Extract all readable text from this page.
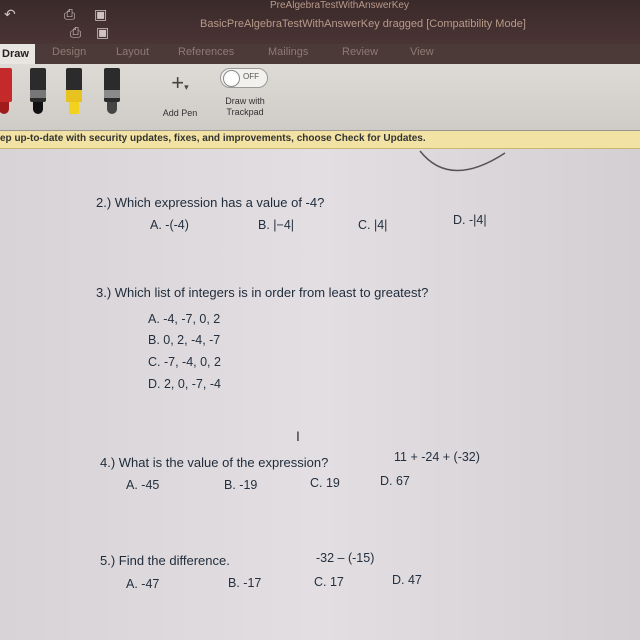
↶	⎙ ▣
⎙ ▣
PreAlgebraTestWithAnswerKey
BasicPreAlgebraTestWithAnswerKey dragged [Compatibility Mode]
Draw	Design	Layout	References	Mailings	Review	View
+▾
Add Pen
OFF
Draw with Trackpad
ep up-to-date with security updates, fixes, and improvements, choose Check for Updates.
2.) Which expression has a value of -4?
A. -(-4)	B. |−4|	C. |4|	D. -|4|
3.) Which list of integers is in order from least to greatest?
A. -4, -7, 0, 2
B. 0, 2, -4, -7
C. -7, -4, 0, 2
D. 2, 0, -7, -4
I
4.) What is the value of the expression?	11 + -24 + (-32)
A. -45	B. -19	C. 19	D. 67
5.) Find the difference.	-32 – (-15)
A. -47	B. -17	C. 17	D. 47
